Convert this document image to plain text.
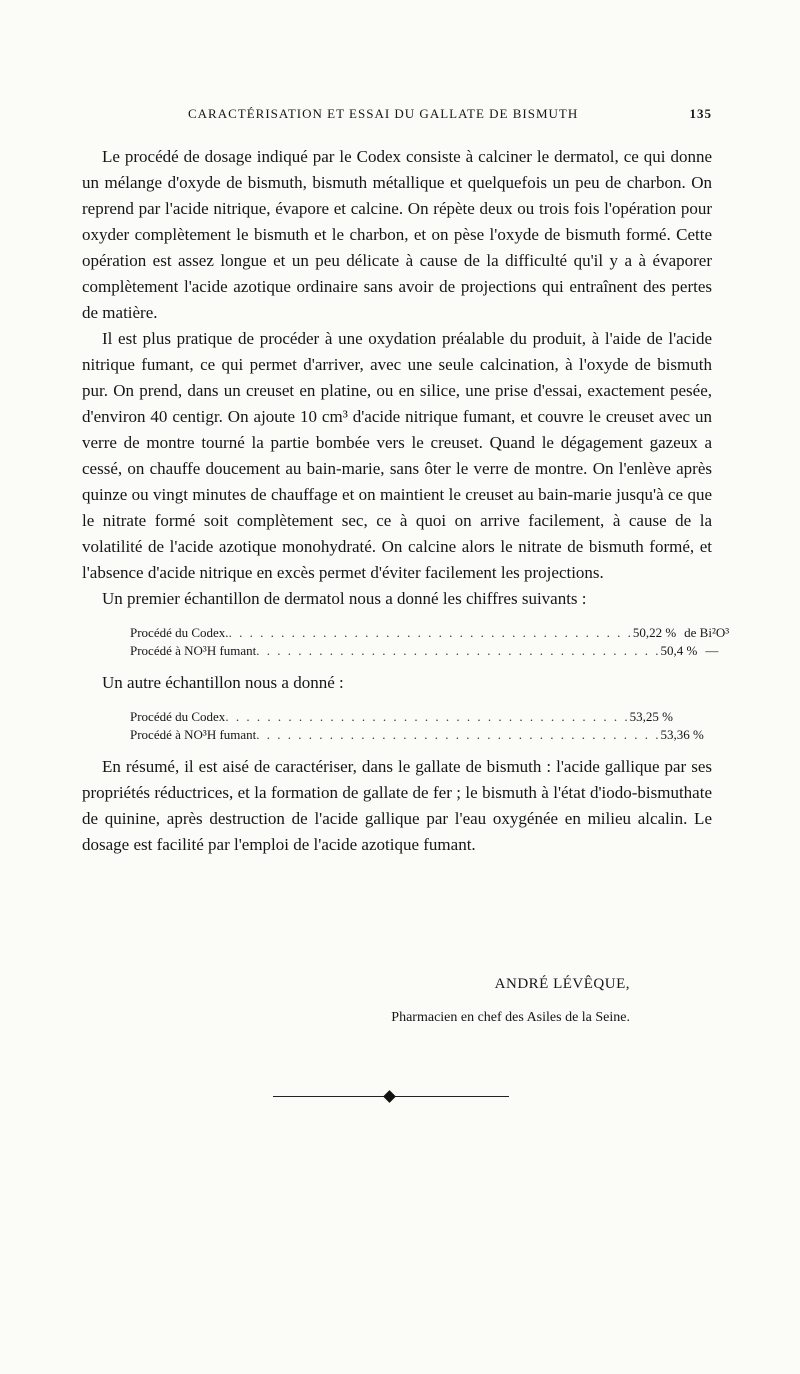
CARACTÉRISATION ET ESSAI DU GALLATE DE BISMUTH	135

Le procédé de dosage indiqué par le Codex consiste à calciner le dermatol, ce qui donne un mélange d'oxyde de bismuth, bismuth métallique et quelquefois un peu de charbon. On reprend par l'acide nitrique, évapore et calcine. On répète deux ou trois fois l'opération pour oxyder complètement le bismuth et le charbon, et on pèse l'oxyde de bismuth formé. Cette opération est assez longue et un peu délicate à cause de la difficulté qu'il y a à évaporer complètement l'acide azotique ordinaire sans avoir de projections qui entraînent des pertes de matière.

Il est plus pratique de procéder à une oxydation préalable du produit, à l'aide de l'acide nitrique fumant, ce qui permet d'arriver, avec une seule calcination, à l'oxyde de bismuth pur. On prend, dans un creuset en platine, ou en silice, une prise d'essai, exactement pesée, d'environ 40 centigr. On ajoute 10 cm³ d'acide nitrique fumant, et couvre le creuset avec un verre de montre tourné la partie bombée vers le creuset. Quand le dégagement gazeux a cessé, on chauffe doucement au bain-marie, sans ôter le verre de montre. On l'enlève après quinze ou vingt minutes de chauffage et on maintient le creuset au bain-marie jusqu'à ce que le nitrate formé soit complètement sec, ce à quoi on arrive facilement, à cause de la volatilité de l'acide azotique monohydraté. On calcine alors le nitrate de bismuth formé, et l'absence d'acide nitrique en excès permet d'éviter facilement les projections.

Un premier échantillon de dermatol nous a donné les chiffres suivants :

Procédé du Codex. . . . . . . . . . . . . . . . . . . . . . . . . . . . . . . . . . . . . . . . 50,22 % de Bi²O³
Procédé à NO³H fumant . . . . . . . . . . . . . . . . . . . . . . . . . . . . . . . . . . . . . . . 50,4 % —

Un autre échantillon nous a donné :

Procédé du Codex . . . . . . . . . . . . . . . . . . . . . . . . . . . . . . . . . . . . . . . 53,25 %
Procédé à NO³H fumant . . . . . . . . . . . . . . . . . . . . . . . . . . . . . . . . . . . . . . . 53,36 %

En résumé, il est aisé de caractériser, dans le gallate de bismuth : l'acide gallique par ses propriétés réductrices, et la formation de gallate de fer ; le bismuth à l'état d'iodo-bismuthate de quinine, après destruction de l'acide gallique par l'eau oxygénée en milieu alcalin. Le dosage est facilité par l'emploi de l'acide azotique fumant.

ANDRÉ LÉVÊQUE,
Pharmacien en chef des Asiles de la Seine.
